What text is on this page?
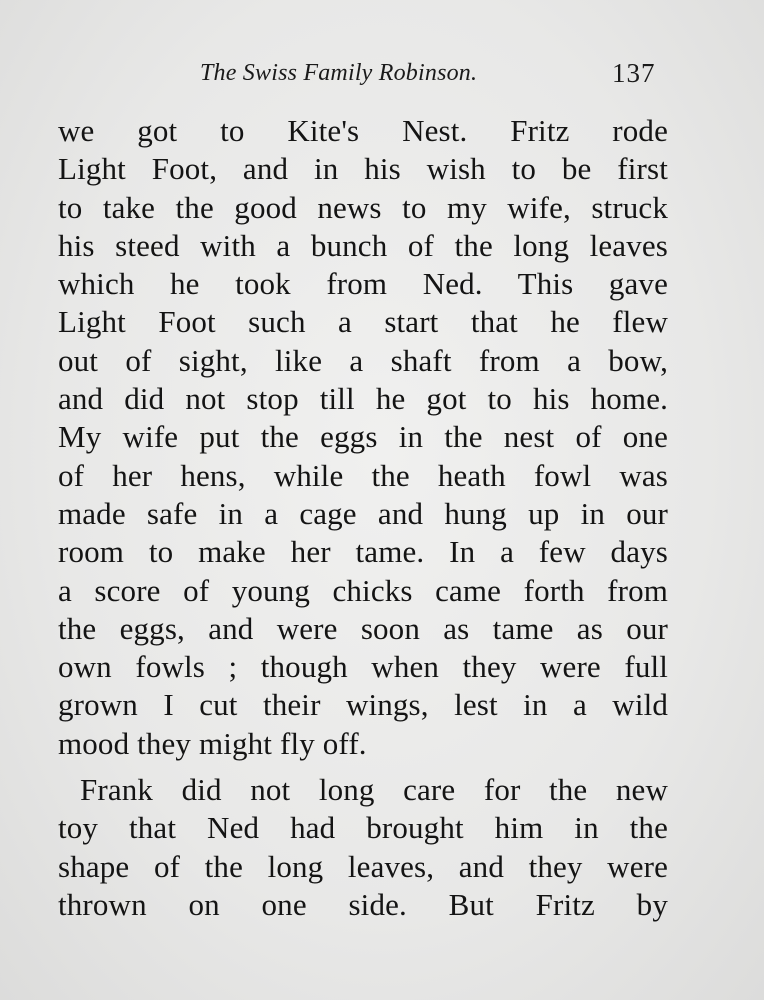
The Swiss Family Robinson.	137
we got to Kite's Nest. Fritz rode
Light Foot, and in his wish to be first
to take the good news to my wife, struck
his steed with a bunch of the long leaves
which he took from Ned. This gave
Light Foot such a start that he flew
out of sight, like a shaft from a bow,
and did not stop till he got to his home.
My wife put the eggs in the nest of one
of her hens, while the heath fowl was
made safe in a cage and hung up in our
room to make her tame. In a few days
a score of young chicks came forth from
the eggs, and were soon as tame as our
own fowls ; though when they were full
grown I cut their wings, lest in a wild
mood they might fly off.
Frank did not long care for the new
toy that Ned had brought him in the
shape of the long leaves, and they were
thrown on one side. But Fritz by
